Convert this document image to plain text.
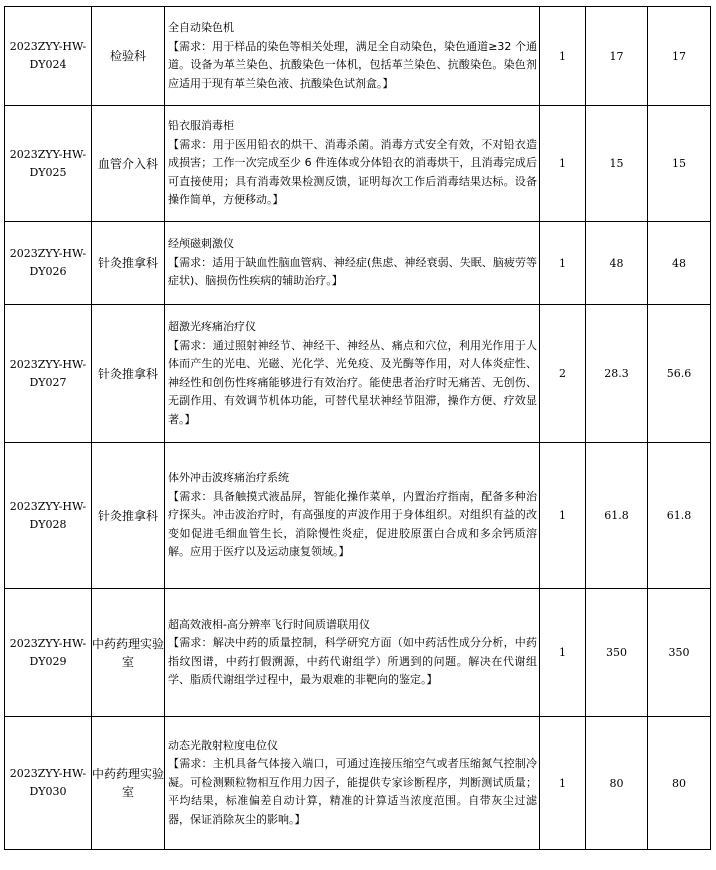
2023ZYY-HW-
DY024	检验科	全自动染色机
【需求：用于样品的染色等相关处理，满足全自动染色，染色通道≥32 个通道。设备为革兰染色、抗酸染色一体机，包括革兰染色、抗酸染色。染色剂应适用于现有革兰染色液、抗酸染色试剂盒。】	1	17	17
2023ZYY-HW-
DY025	血管介入科	铅衣服消毒柜
【需求：用于医用铅衣的烘干、消毒杀菌。消毒方式安全有效，不对铅衣造成损害；工作一次完成至少 6 件连体或分体铅衣的消毒烘干，且消毒完成后可直接使用；具有消毒效果检测反馈，证明每次工作后消毒结果达标。设备操作简单，方便移动。】	1	15	15
2023ZYY-HW-
DY026	针灸推拿科	经颅磁刺激仪
【需求：适用于缺血性脑血管病、神经症(焦虑、神经衰弱、失眠、脑疲劳等症状)、脑损伤性疾病的辅助治疗。】	1	48	48
2023ZYY-HW-
DY027	针灸推拿科	超激光疼痛治疗仪
【需求：通过照射神经节、神经干、神经丛、痛点和穴位，利用光作用于人体而产生的光电、光磁、光化学、光免疫、及光酶等作用，对人体炎症性、神经性和创伤性疼痛能够进行有效治疗。能使患者治疗时无痛苦、无创伤、无副作用、有效调节机体功能，可替代星状神经节阻滞，操作方便、疗效显著。】	2	28.3	56.6
2023ZYY-HW-
DY028	针灸推拿科	体外冲击波疼痛治疗系统
【需求：具备触摸式液晶屏，智能化操作菜单，内置治疗指南，配备多种治疗探头。冲击波治疗时，有高强度的声波作用于身体组织。对组织有益的改变如促进毛细血管生长，消除慢性炎症，促进胶原蛋白合成和多余钙质溶解。应用于医疗以及运动康复领域。】	1	61.8	61.8
2023ZYY-HW-
DY029	中药药理实验室	超高效液相-高分辨率飞行时间质谱联用仪
【需求：解决中药的质量控制，科学研究方面（如中药活性成分分析，中药指纹图谱，中药打假溯源，中药代谢组学）所遇到的问题。解决在代谢组学、脂质代谢组学过程中，最为艰难的非靶向的鉴定。】	1	350	350
2023ZYY-HW-
DY030	中药药理实验室	动态光散射粒度电位仪
【需求：主机具备气体接入端口，可通过连接压缩空气或者压缩氮气控制冷凝。可检测颗粒物相互作用力因子，能提供专家诊断程序，判断测试质量；平均结果，标准偏差自动计算，精准的计算适当浓度范围。自带灰尘过滤器，保证消除灰尘的影响。】	1	80	80
